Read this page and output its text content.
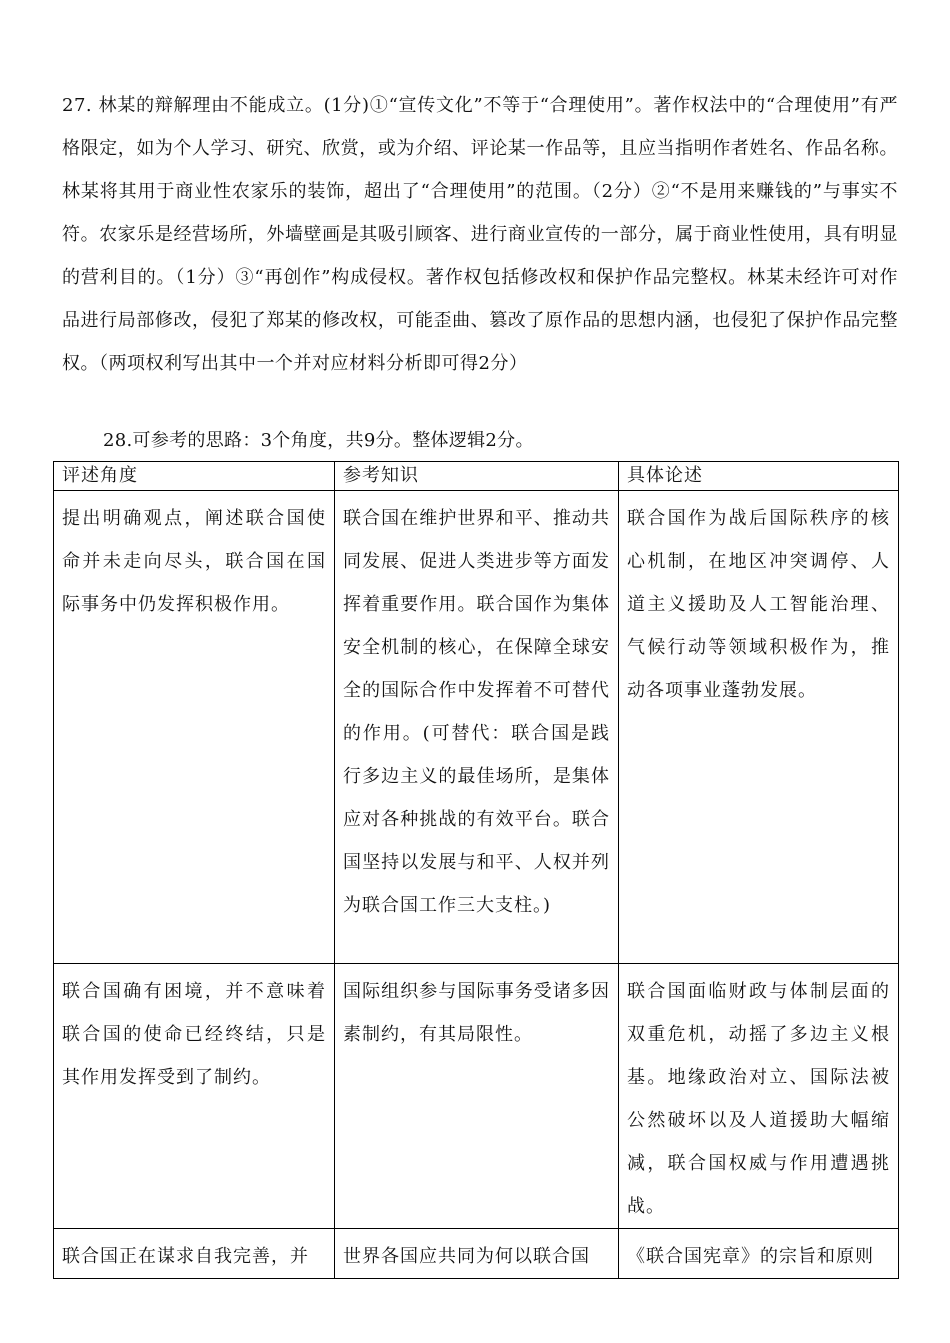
27. 林某的辩解理由不能成立。(1分)①“宣传文化”不等于“合理使用”。著作权法中的“合理使用”有严格限定，如为个人学习、研究、欣赏，或为介绍、评论某一作品等，且应当指明作者姓名、作品名称。林某将其用于商业性农家乐的装饰，超出了“合理使用”的范围。（2分）②“不是用来赚钱的”与事实不符。农家乐是经营场所，外墙壁画是其吸引顾客、进行商业宣传的一部分，属于商业性使用，具有明显的营利目的。（1分）③“再创作”构成侵权。著作权包括修改权和保护作品完整权。林某未经许可对作品进行局部修改，侵犯了郑某的修改权，可能歪曲、篡改了原作品的思想内涵，也侵犯了保护作品完整权。（两项权利写出其中一个并对应材料分析即可得2分）
28.可参考的思路：3个角度，共9分。整体逻辑2分。
评述角度	参考知识	具体论述
提出明确观点，阐述联合国使命并未走向尽头，联合国在国际事务中仍发挥积极作用。	联合国在维护世界和平、推动共同发展、促进人类进步等方面发挥着重要作用。联合国作为集体安全机制的核心，在保障全球安全的国际合作中发挥着不可替代的作用。(可替代：联合国是践行多边主义的最佳场所，是集体应对各种挑战的有效平台。联合国坚持以发展与和平、人权并列为联合国工作三大支柱。)	联合国作为战后国际秩序的核心机制，在地区冲突调停、人道主义援助及人工智能治理、气候行动等领域积极作为，推动各项事业蓬勃发展。
联合国确有困境，并不意味着联合国的使命已经终结，只是其作用发挥受到了制约。	国际组织参与国际事务受诸多因素制约，有其局限性。	联合国面临财政与体制层面的双重危机，动摇了多边主义根基。地缘政治对立、国际法被公然破坏以及人道援助大幅缩减，联合国权威与作用遭遇挑战。
联合国正在谋求自我完善，并	世界各国应共同为何以联合国	《联合国宪章》的宗旨和原则
